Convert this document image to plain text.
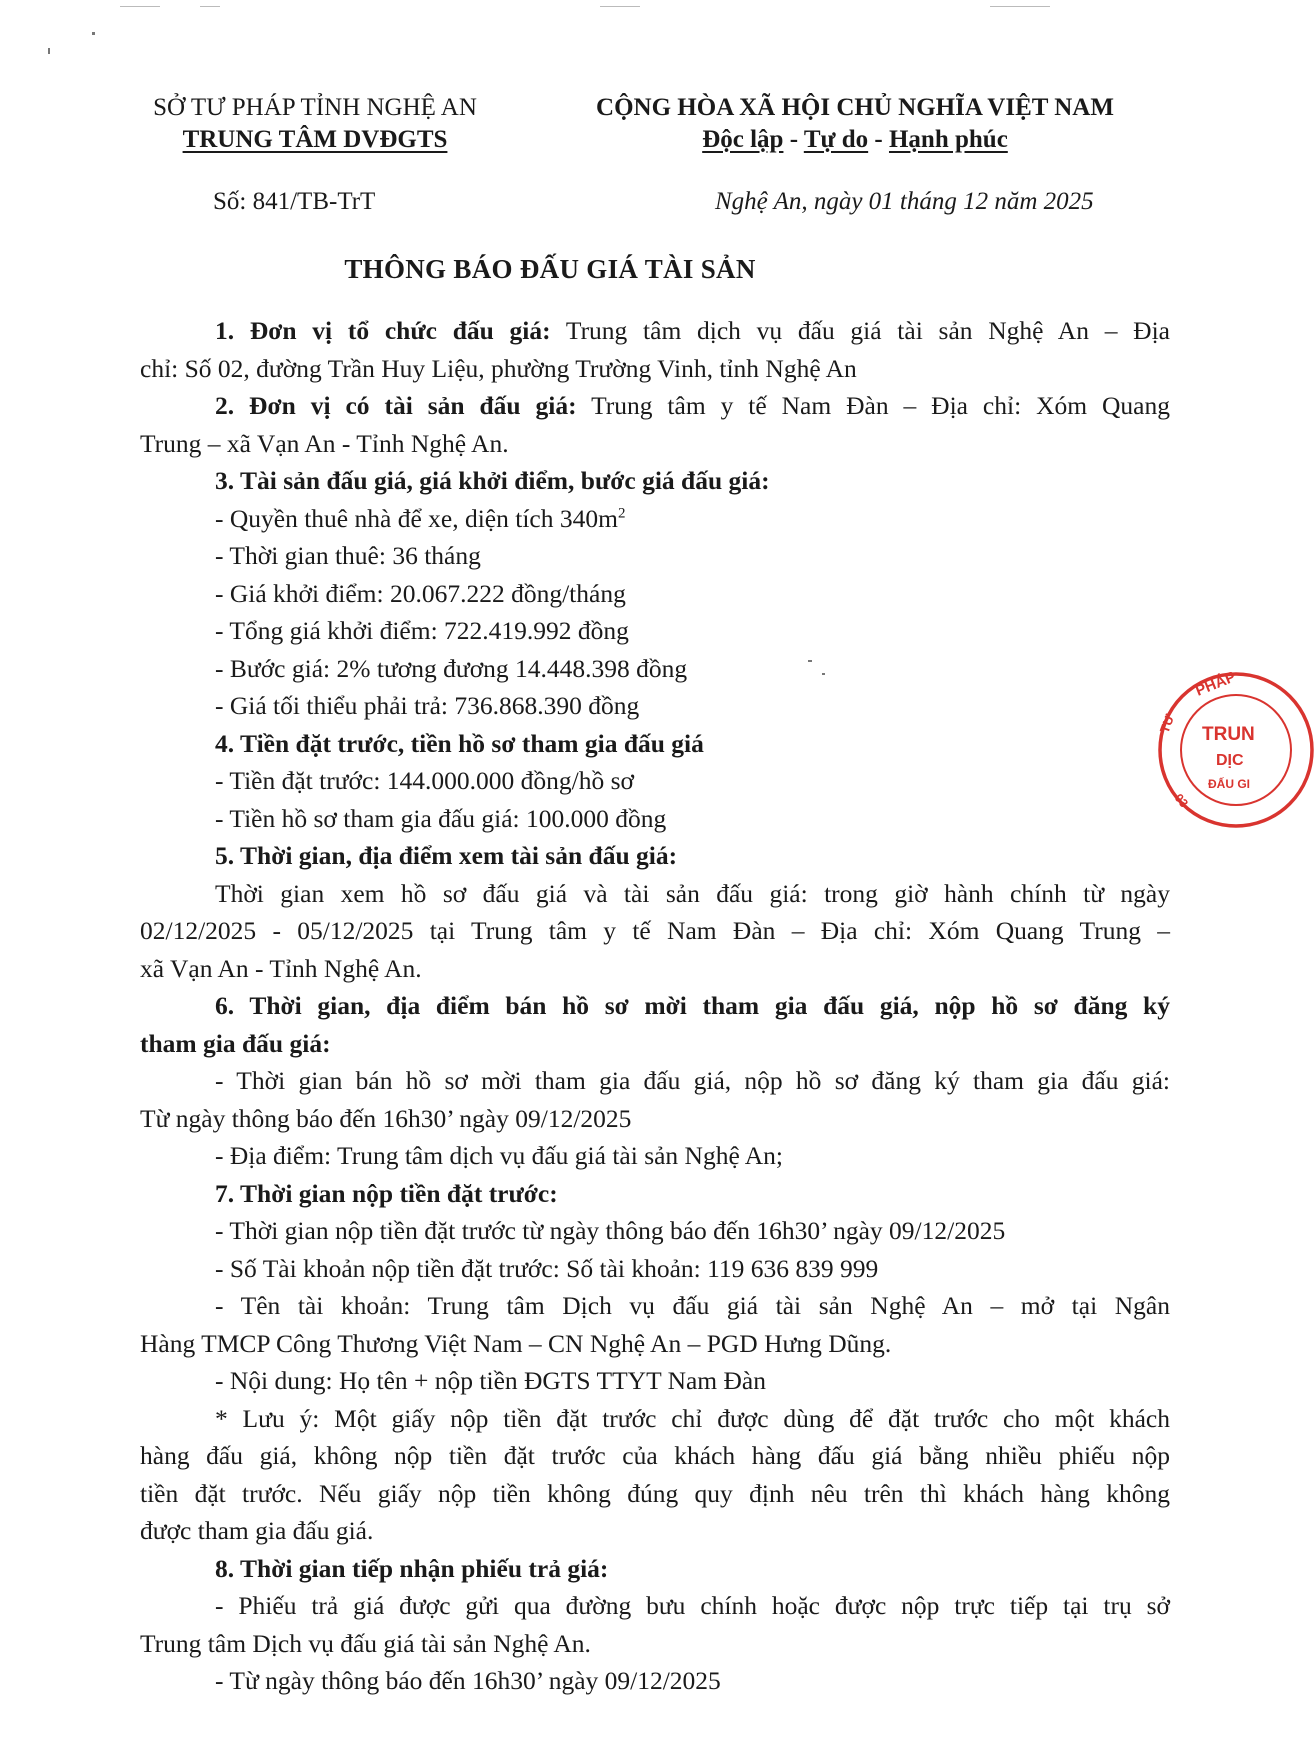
SỞ TƯ PHÁP TỈNH NGHỆ AN
TRUNG TÂM DVĐGTS
CỘNG HÒA XÃ HỘI CHỦ NGHĨA VIỆT NAM
Độc lập - Tự do - Hạnh phúc
Số: 841/TB-TrT	Nghệ An, ngày 01 tháng 12 năm 2025
THÔNG BÁO ĐẤU GIÁ TÀI SẢN

1. Đơn vị tổ chức đấu giá: Trung tâm dịch vụ đấu giá tài sản Nghệ An – Địa

chỉ: Số 02, đường Trần Huy Liệu, phường Trường Vinh, tỉnh Nghệ An

2. Đơn vị có tài sản đấu giá: Trung tâm y tế Nam Đàn – Địa chỉ: Xóm Quang

Trung – xã Vạn An - Tỉnh Nghệ An.

3. Tài sản đấu giá, giá khởi điểm, bước giá đấu giá:

- Quyền thuê nhà để xe, diện tích $340m^2$

- Thời gian thuê: 36 tháng

- Giá khởi điểm: 20.067.222 đồng/tháng

- Tổng giá khởi điểm: 722.419.992 đồng

- Bước giá: 2% tương đương 14.448.398 đồng

- Giá tối thiểu phải trả: 736.868.390 đồng

4. Tiền đặt trước, tiền hồ sơ tham gia đấu giá

- Tiền đặt trước: 144.000.000 đồng/hồ sơ

- Tiền hồ sơ tham gia đấu giá: 100.000 đồng

5. Thời gian, địa điểm xem tài sản đấu giá:

Thời gian xem hồ sơ đấu giá và tài sản đấu giá: trong giờ hành chính từ ngày

02/12/2025 - 05/12/2025 tại Trung tâm y tế Nam Đàn – Địa chỉ: Xóm Quang Trung –

xã Vạn An - Tỉnh Nghệ An.

6. Thời gian, địa điểm bán hồ sơ mời tham gia đấu giá, nộp hồ sơ đăng ký

tham gia đấu giá:

- Thời gian bán hồ sơ mời tham gia đấu giá, nộp hồ sơ đăng ký tham gia đấu giá:

Từ ngày thông báo đến 16h30’ ngày 09/12/2025

- Địa điểm: Trung tâm dịch vụ đấu giá tài sản Nghệ An;

7. Thời gian nộp tiền đặt trước:

- Thời gian nộp tiền đặt trước từ ngày thông báo đến 16h30’ ngày 09/12/2025

- Số Tài khoản nộp tiền đặt trước: Số tài khoản: 119 636 839 999

- Tên tài khoản: Trung tâm Dịch vụ đấu giá tài sản Nghệ An – mở tại Ngân

Hàng TMCP Công Thương Việt Nam – CN Nghệ An – PGD Hưng Dũng.

- Nội dung: Họ tên + nộp tiền ĐGTS TTYT Nam Đàn

* Lưu ý: Một giấy nộp tiền đặt trước chỉ được dùng để đặt trước cho một khách

hàng đấu giá, không nộp tiền đặt trước của khách hàng đấu giá bằng nhiều phiếu nộp

tiền đặt trước. Nếu giấy nộp tiền không đúng quy định nêu trên thì khách hàng không

được tham gia đấu giá.

8. Thời gian tiếp nhận phiếu trả giá:

- Phiếu trả giá được gửi qua đường bưu chính hoặc được nộp trực tiếp tại trụ sở

Trung tâm Dịch vụ đấu giá tài sản Nghệ An.

- Từ ngày thông báo đến 16h30’ ngày 09/12/2025

PHÁP
TƯ TRUN
DỊC
ĐẤU GI
03
